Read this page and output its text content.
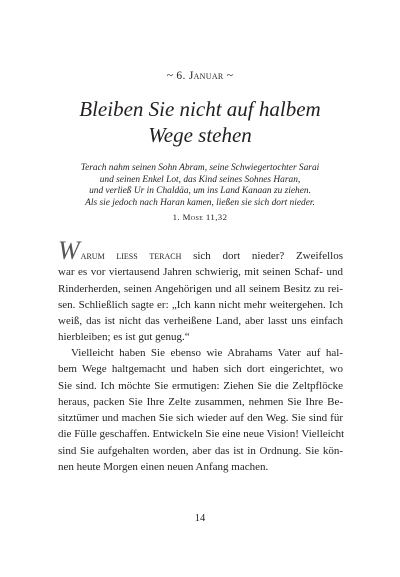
~ 6. Januar ~
Bleiben Sie nicht auf halbem
Wege stehen
Terach nahm seinen Sohn Abram, seine Schwiegertochter Sarai
und seinen Enkel Lot, das Kind seines Sohnes Haran,
und verließ Ur in Chaldäa, um ins Land Kanaan zu ziehen.
Als sie jedoch nach Haran kamen, ließen sie sich dort nieder.
1. Mose 11,32
Warum liess terach sich dort nieder? Zweifellos
war es vor viertausend Jahren schwierig, mit seinen Schaf- und
Rinderherden, seinen Angehörigen und all seinem Besitz zu rei-
sen. Schließlich sagte er: „Ich kann nicht mehr weitergehen. Ich
weiß, das ist nicht das verheißene Land, aber lasst uns einfach
hierbleiben; es ist gut genug.“
Vielleicht haben Sie ebenso wie Abrahams Vater auf hal-
bem Wege haltgemacht und haben sich dort eingerichtet, wo
Sie sind. Ich möchte Sie ermutigen: Ziehen Sie die Zeltpflöcke
heraus, packen Sie Ihre Zelte zusammen, nehmen Sie Ihre Be-
sitztümer und machen Sie sich wieder auf den Weg. Sie sind für
die Fülle geschaffen. Entwickeln Sie eine neue Vision! Vielleicht
sind Sie aufgehalten worden, aber das ist in Ordnung. Sie kön-
nen heute Morgen einen neuen Anfang machen.
14
